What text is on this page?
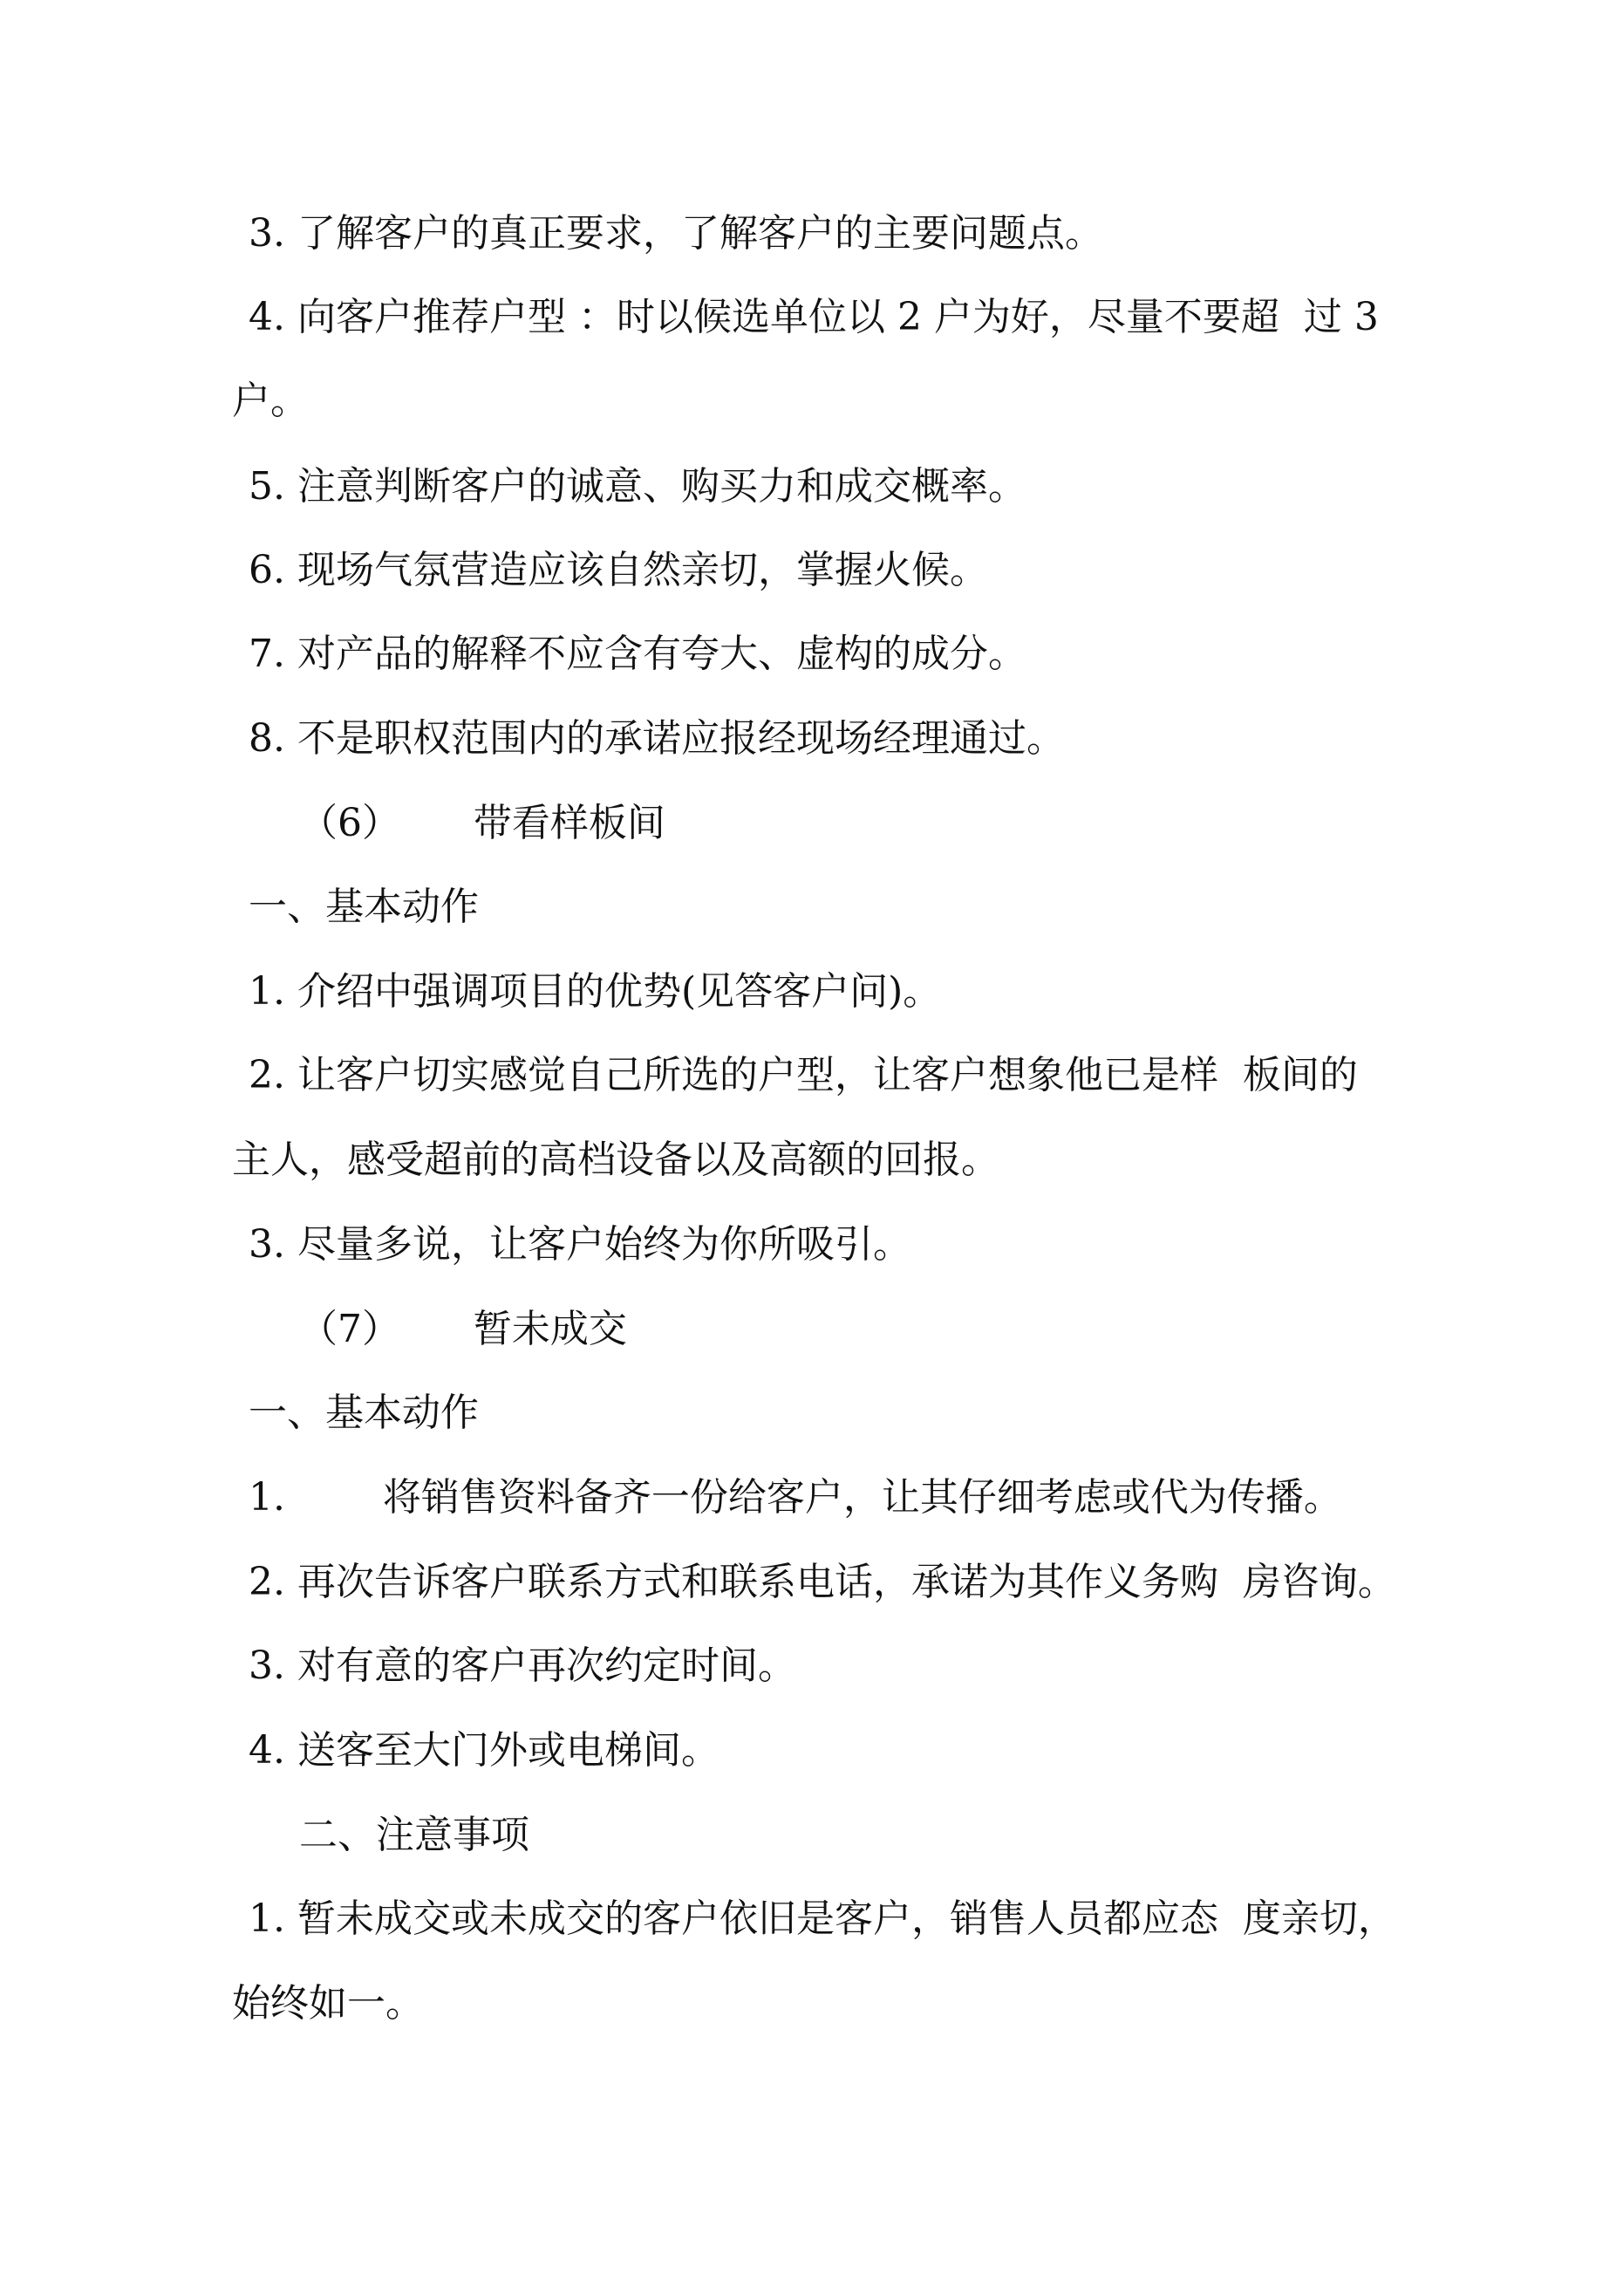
3. 了解客户的真正要求，了解客户的主要问题点。
4. 向客户推荐户型 ：时以候选单位以 2 户为好，尽量不要超  过 3
户。
5. 注意判断客户的诚意、购买力和成交概率。
6. 现场气氛营造应该自然亲切，掌握火候。
7. 对产品的解释不应含有夸大、虚构的成分。
8. 不是职权范围内的承诺应报经现场经理通过。
（6）      带看样板间
一、基本动作
1. 介绍中强调项目的优势(见答客户问)。
2. 让客户切实感觉自己所选的户型，让客户想象他已是样  板间的
主人，感受超前的高档设备以及高额的回报。
3. 尽量多说，让客户始终为你所吸引。
（7）      暂未成交
一、基本动作
1.        将销售资料备齐一份给客户，让其仔细考虑或代为传播。
2. 再次告诉客户联系方式和联系电话，承诺为其作义务购  房咨询。
3. 对有意的客户再次约定时间。
4. 送客至大门外或电梯间。
二、注意事项
1. 暂未成交或未成交的客户依旧是客户，销售人员都应态  度亲切，
始终如一。
